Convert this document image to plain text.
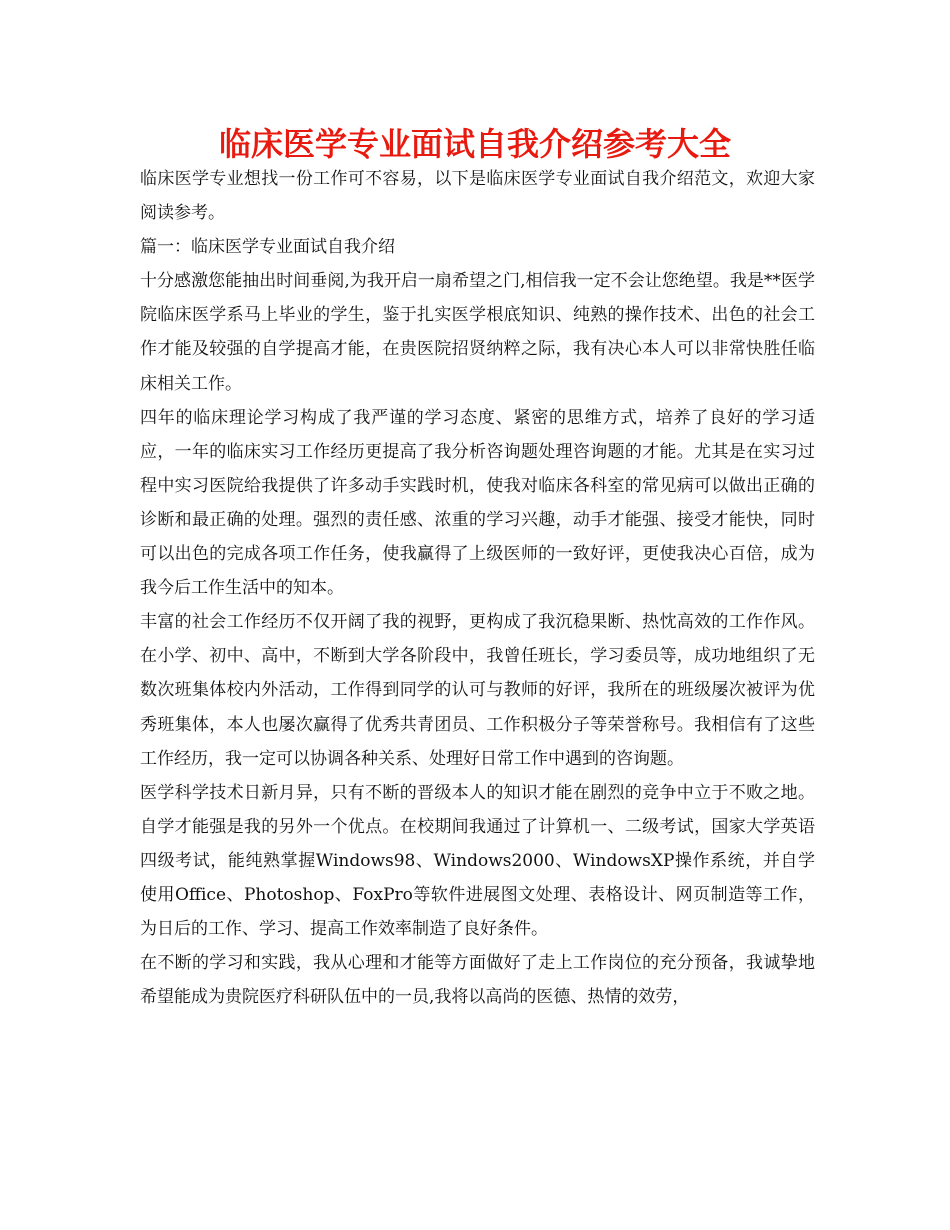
临床医学专业面试自我介绍参考大全

临床医学专业想找一份工作可不容易，以下是临床医学专业面试自我介绍范文，欢迎大家阅读参考。

篇一：临床医学专业面试自我介绍

十分感激您能抽出时间垂阅,为我开启一扇希望之门,相信我一定不会让您绝望。我是**医学院临床医学系马上毕业的学生，鉴于扎实医学根底知识、纯熟的操作技术、出色的社会工作才能及较强的自学提高才能，在贵医院招贤纳粹之际，我有决心本人可以非常快胜任临床相关工作。

四年的临床理论学习构成了我严谨的学习态度、紧密的思维方式，培养了良好的学习适应，一年的临床实习工作经历更提高了我分析咨询题处理咨询题的才能。尤其是在实习过程中实习医院给我提供了许多动手实践时机，使我对临床各科室的常见病可以做出正确的诊断和最正确的处理。强烈的责任感、浓重的学习兴趣，动手才能强、接受才能快，同时可以出色的完成各项工作任务，使我赢得了上级医师的一致好评，更使我决心百倍，成为我今后工作生活中的知本。

丰富的社会工作经历不仅开阔了我的视野，更构成了我沉稳果断、热忱高效的工作作风。在小学、初中、高中，不断到大学各阶段中，我曾任班长，学习委员等，成功地组织了无数次班集体校内外活动，工作得到同学的认可与教师的好评，我所在的班级屡次被评为优秀班集体，本人也屡次赢得了优秀共青团员、工作积极分子等荣誉称号。我相信有了这些工作经历，我一定可以协调各种关系、处理好日常工作中遇到的咨询题。

医学科学技术日新月异，只有不断的晋级本人的知识才能在剧烈的竞争中立于不败之地。自学才能强是我的另外一个优点。在校期间我通过了计算机一、二级考试，国家大学英语四级考试，能纯熟掌握Windows98、Windows2000、WindowsXP操作系统，并自学使用Office、Photoshop、FoxPro等软件进展图文处理、表格设计、网页制造等工作，为日后的工作、学习、提高工作效率制造了良好条件。

在不断的学习和实践，我从心理和才能等方面做好了走上工作岗位的充分预备，我诚挚地希望能成为贵院医疗科研队伍中的一员,我将以高尚的医德、热情的效劳，
